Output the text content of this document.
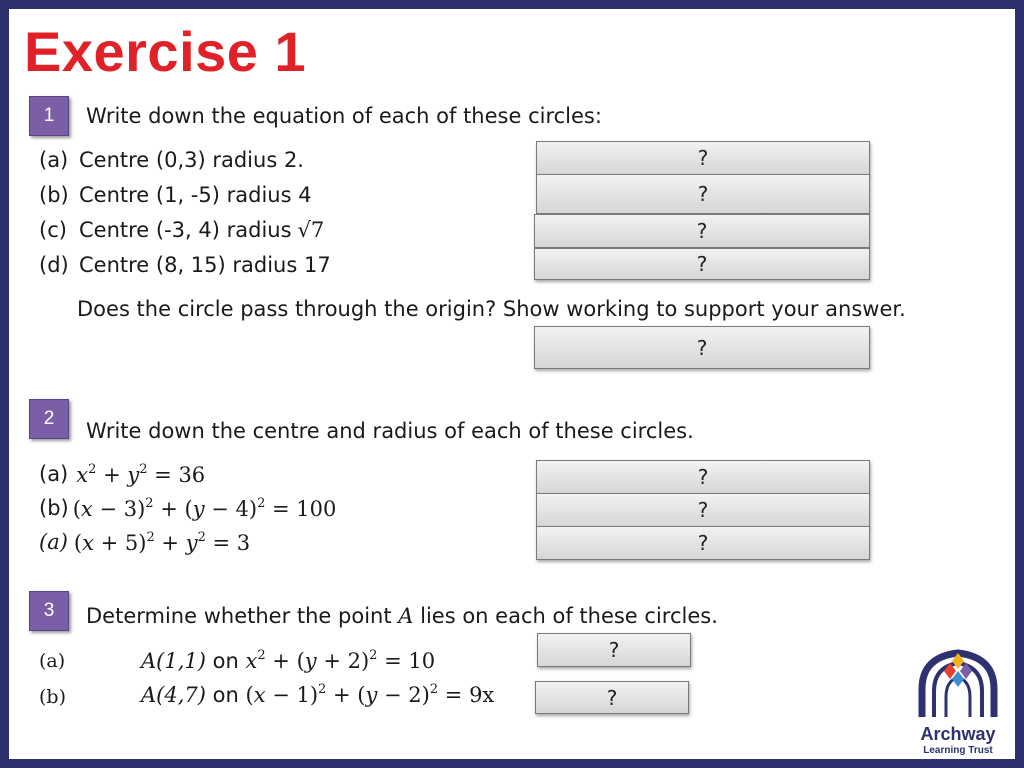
Exercise 1
1	Write down the equation of each of these circles:
(a) Centre (0,3) radius 2.
(b) Centre (1, -5) radius 4
(c) Centre (-3, 4) radius √7
(d) Centre (8, 15) radius 17
Does the circle pass through the origin? Show working to support your answer.
?
?
?
?
?
2
Write down the centre and radius of each of these circles.
(a) $x^2 + y^2 = 36$
(b) $(x - 3)^2 + (y - 4)^2 = 100$
(a) $(x + 5)^2 + y^2 = 3$
?
?
?
3	Determine whether the point A lies on each of these circles.
(a)	A(1,1) on $x^2 + (y + 2)^2 = 10$
(b)	A(4,7) on $(x - 1)^2 + (y - 2)^2 = 9x$
?
?
Archway
Learning Trust
